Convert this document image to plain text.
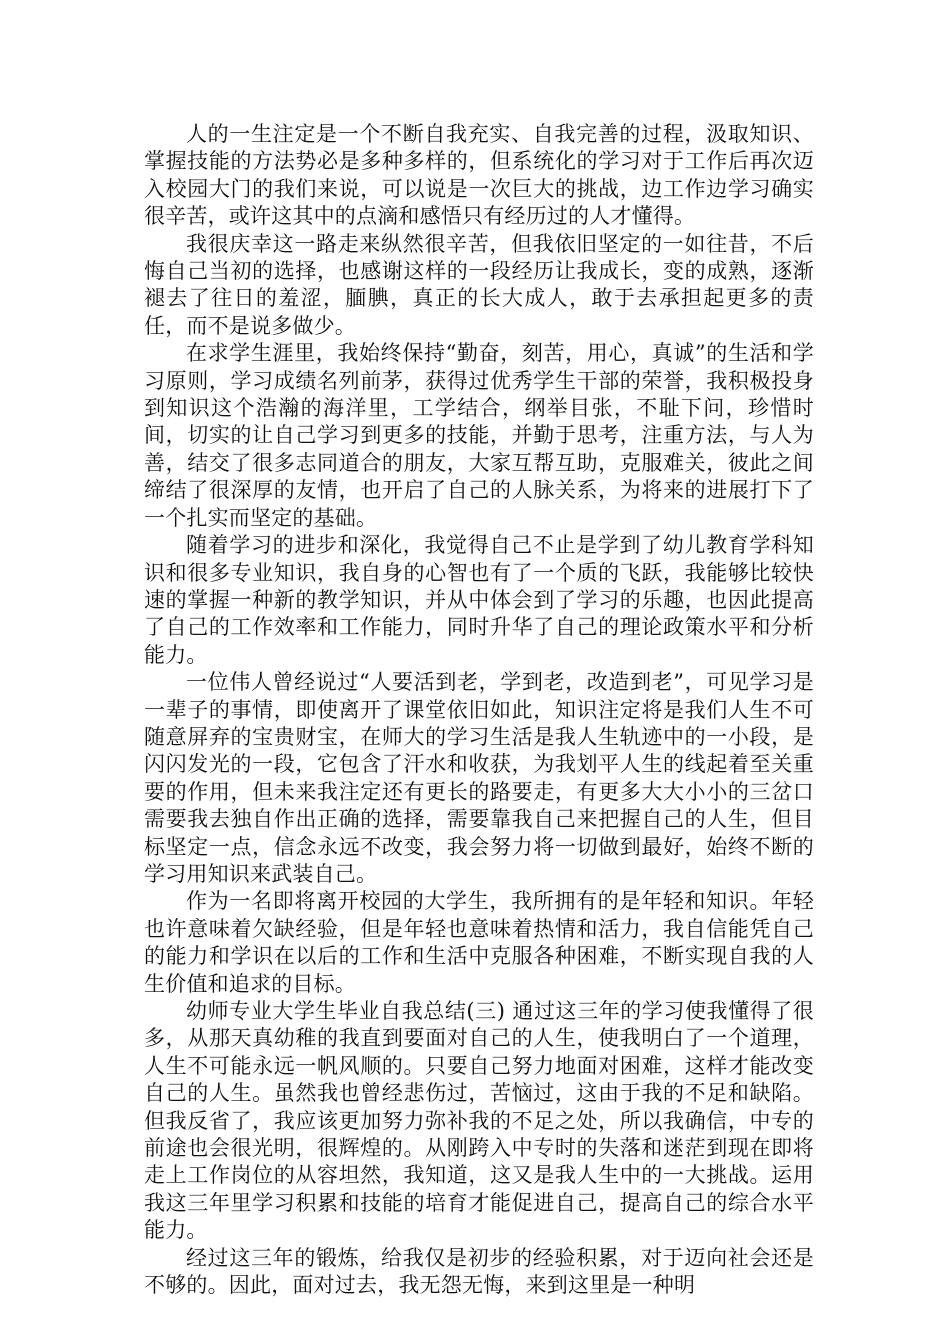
人的一生注定是一个不断自我充实、自我完善的过程，汲取知识、掌握技能的方法势必是多种多样的，但系统化的学习对于工作后再次迈入校园大门的我们来说，可以说是一次巨大的挑战，边工作边学习确实很辛苦，或许这其中的点滴和感悟只有经历过的人才懂得。

我很庆幸这一路走来纵然很辛苦，但我依旧坚定的一如往昔，不后悔自己当初的选择，也感谢这样的一段经历让我成长，变的成熟，逐渐褪去了往日的羞涩，腼腆，真正的长大成人，敢于去承担起更多的责任，而不是说多做少。

在求学生涯里，我始终保持“勤奋，刻苦，用心，真诚”的生活和学习原则，学习成绩名列前茅，获得过优秀学生干部的荣誉，我积极投身到知识这个浩瀚的海洋里，工学结合，纲举目张，不耻下问，珍惜时间，切实的让自己学习到更多的技能，并勤于思考，注重方法，与人为善，结交了很多志同道合的朋友，大家互帮互助，克服难关，彼此之间缔结了很深厚的友情，也开启了自己的人脉关系，为将来的进展打下了一个扎实而坚定的基础。

随着学习的进步和深化，我觉得自己不止是学到了幼儿教育学科知识和很多专业知识，我自身的心智也有了一个质的飞跃，我能够比较快速的掌握一种新的教学知识，并从中体会到了学习的乐趣，也因此提高了自己的工作效率和工作能力，同时升华了自己的理论政策水平和分析能力。

一位伟人曾经说过“人要活到老，学到老，改造到老”，可见学习是一辈子的事情，即使离开了课堂依旧如此，知识注定将是我们人生不可随意屏弃的宝贵财宝，在师大的学习生活是我人生轨迹中的一小段，是闪闪发光的一段，它包含了汗水和收获，为我划平人生的线起着至关重要的作用，但未来我注定还有更长的路要走，有更多大大小小的三岔口需要我去独自作出正确的选择，需要靠我自己来把握自己的人生，但目标坚定一点，信念永远不改变，我会努力将一切做到最好，始终不断的学习用知识来武装自己。

作为一名即将离开校园的大学生，我所拥有的是年轻和知识。年轻也许意味着欠缺经验，但是年轻也意味着热情和活力，我自信能凭自己的能力和学识在以后的工作和生活中克服各种困难，不断实现自我的人生价值和追求的目标。

幼师专业大学生毕业自我总结(三) 通过这三年的学习使我懂得了很多，从那天真幼稚的我直到要面对自己的人生，使我明白了一个道理，人生不可能永远一帆风顺的。只要自己努力地面对困难，这样才能改变自己的人生。虽然我也曾经悲伤过，苦恼过，这由于我的不足和缺陷。但我反省了，我应该更加努力弥补我的不足之处，所以我确信，中专的前途也会很光明，很辉煌的。从刚跨入中专时的失落和迷茫到现在即将走上工作岗位的从容坦然，我知道，这又是我人生中的一大挑战。运用我这三年里学习积累和技能的培育才能促进自己，提高自己的综合水平能力。

经过这三年的锻炼，给我仅是初步的经验积累，对于迈向社会还是不够的。因此，面对过去，我无怨无悔，来到这里是一种明
